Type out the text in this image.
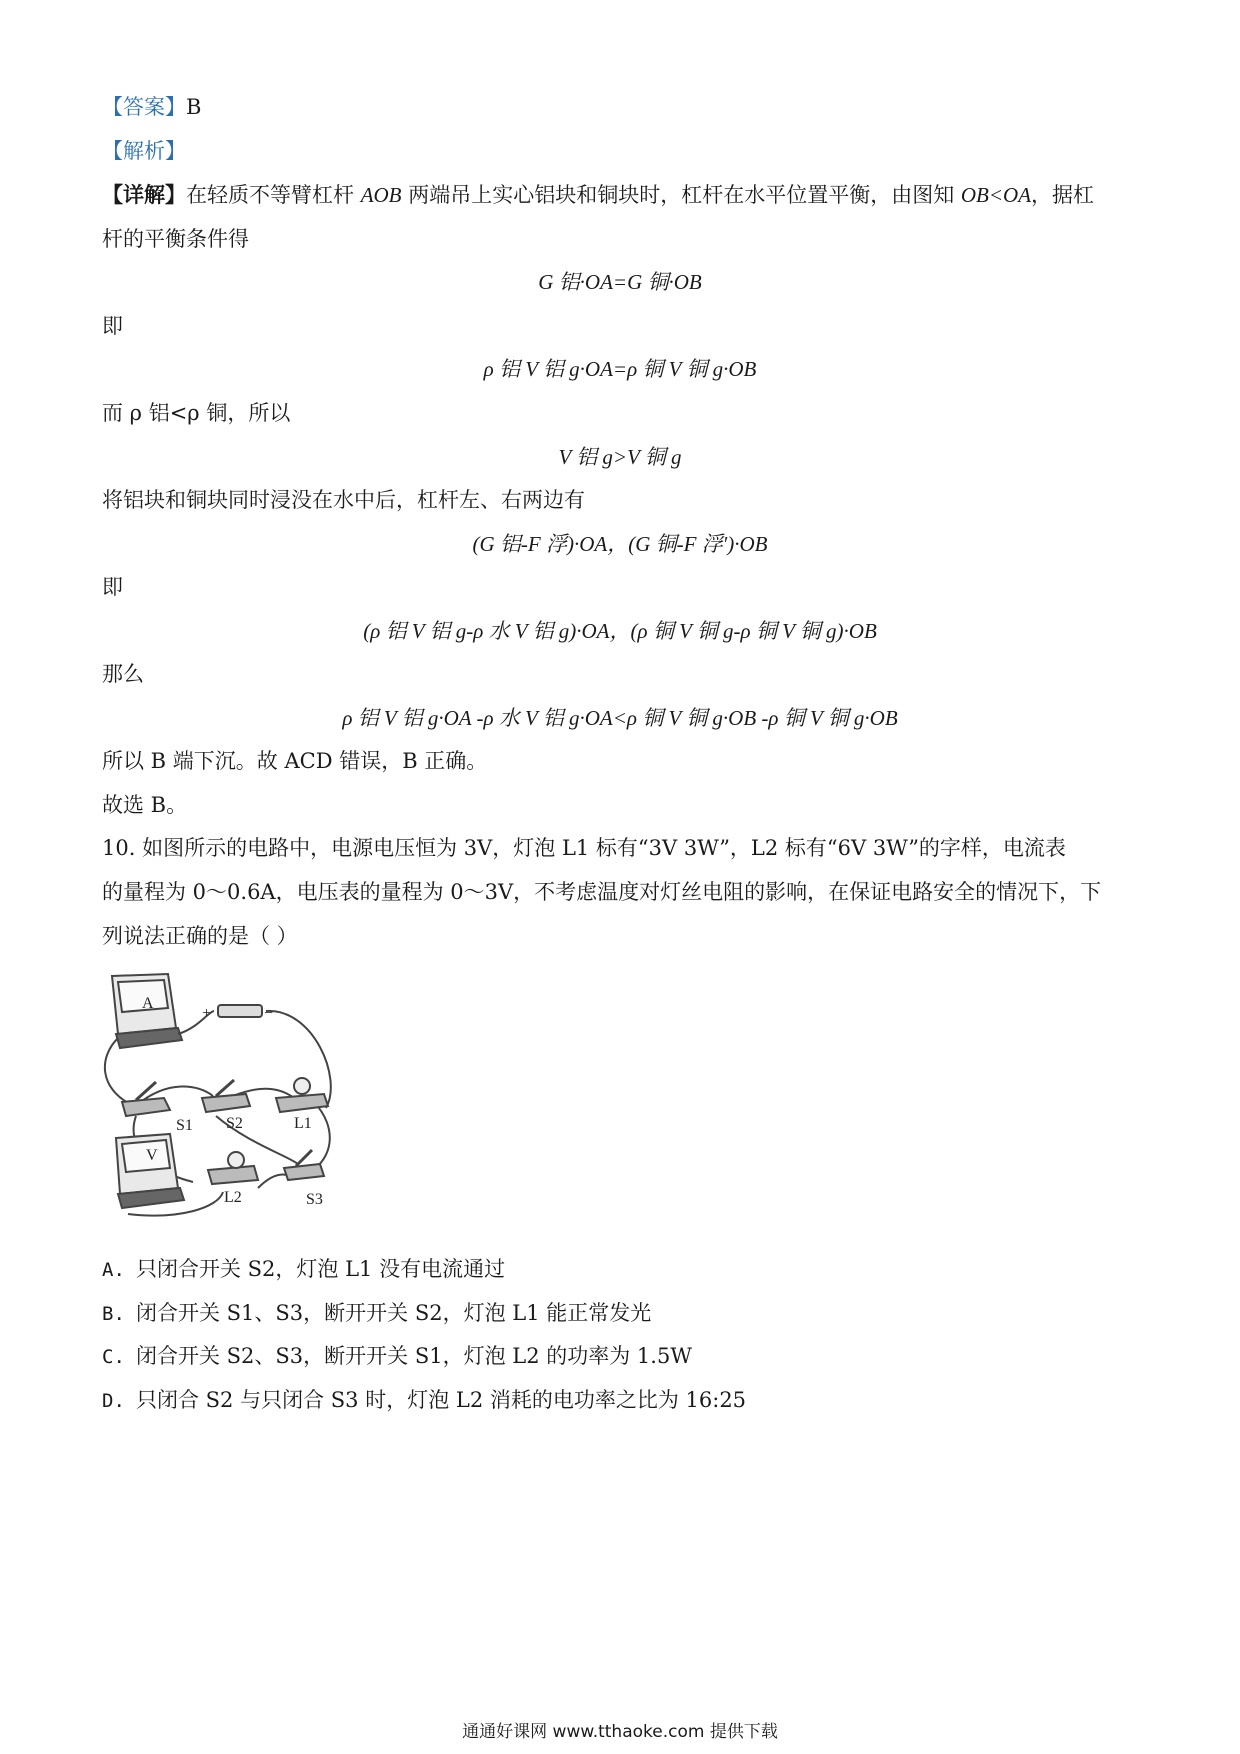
【答案】B
【解析】
【详解】在轻质不等臂杠杆 AOB 两端吊上实心铝块和铜块时，杠杆在水平位置平衡，由图知 OB<OA，据杠
杆的平衡条件得
G 铝·OA=G 铜·OB
即
ρ 铝 V 铝 g·OA=ρ 铜 V 铜 g·OB
而 ρ 铝<ρ 铜，所以
V 铝 g>V 铜 g
将铝块和铜块同时浸没在水中后，杠杆左、右两边有
(G 铝-F 浮)·OA，(G 铜-F 浮′)·OB
即
(ρ 铝 V 铝 g-ρ 水 V 铝 g)·OA，(ρ 铜 V 铜 g-ρ 铜 V 铜 g)·OB
那么
ρ 铝 V 铝 g·OA -ρ 水 V 铝 g·OA<ρ 铜 V 铜 g·OB -ρ 铜 V 铜 g·OB
所以 B 端下沉。故 ACD 错误，B 正确。
故选 B。
10. 如图所示的电路中，电源电压恒为 3V，灯泡 L1 标有“3V 3W”，L2 标有“6V 3W”的字样，电流表
的量程为 0～0.6A，电压表的量程为 0～3V，不考虑温度对灯丝电阻的影响，在保证电路安全的情况下，下
列说法正确的是（ ）
A
V
+	−
S1 S2	L1
L2	S3
A. 只闭合开关 S2，灯泡 L1 没有电流通过
B. 闭合开关 S1、S3，断开开关 S2，灯泡 L1 能正常发光
C. 闭合开关 S2、S3，断开开关 S1，灯泡 L2 的功率为 1.5W
D. 只闭合 S2 与只闭合 S3 时，灯泡 L2 消耗的电功率之比为 16:25
通通好课网 www.tthaoke.com 提供下载
